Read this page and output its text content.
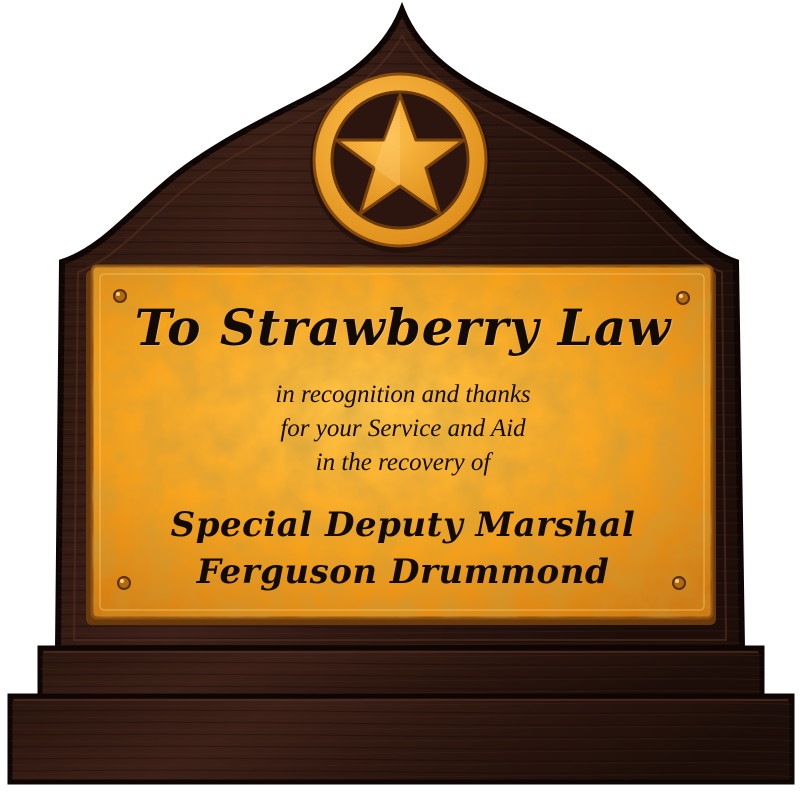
To Strawberry Law
in recognition and thanks
for your Service and Aid
in the recovery of
Special Deputy Marshal
Ferguson Drummond
